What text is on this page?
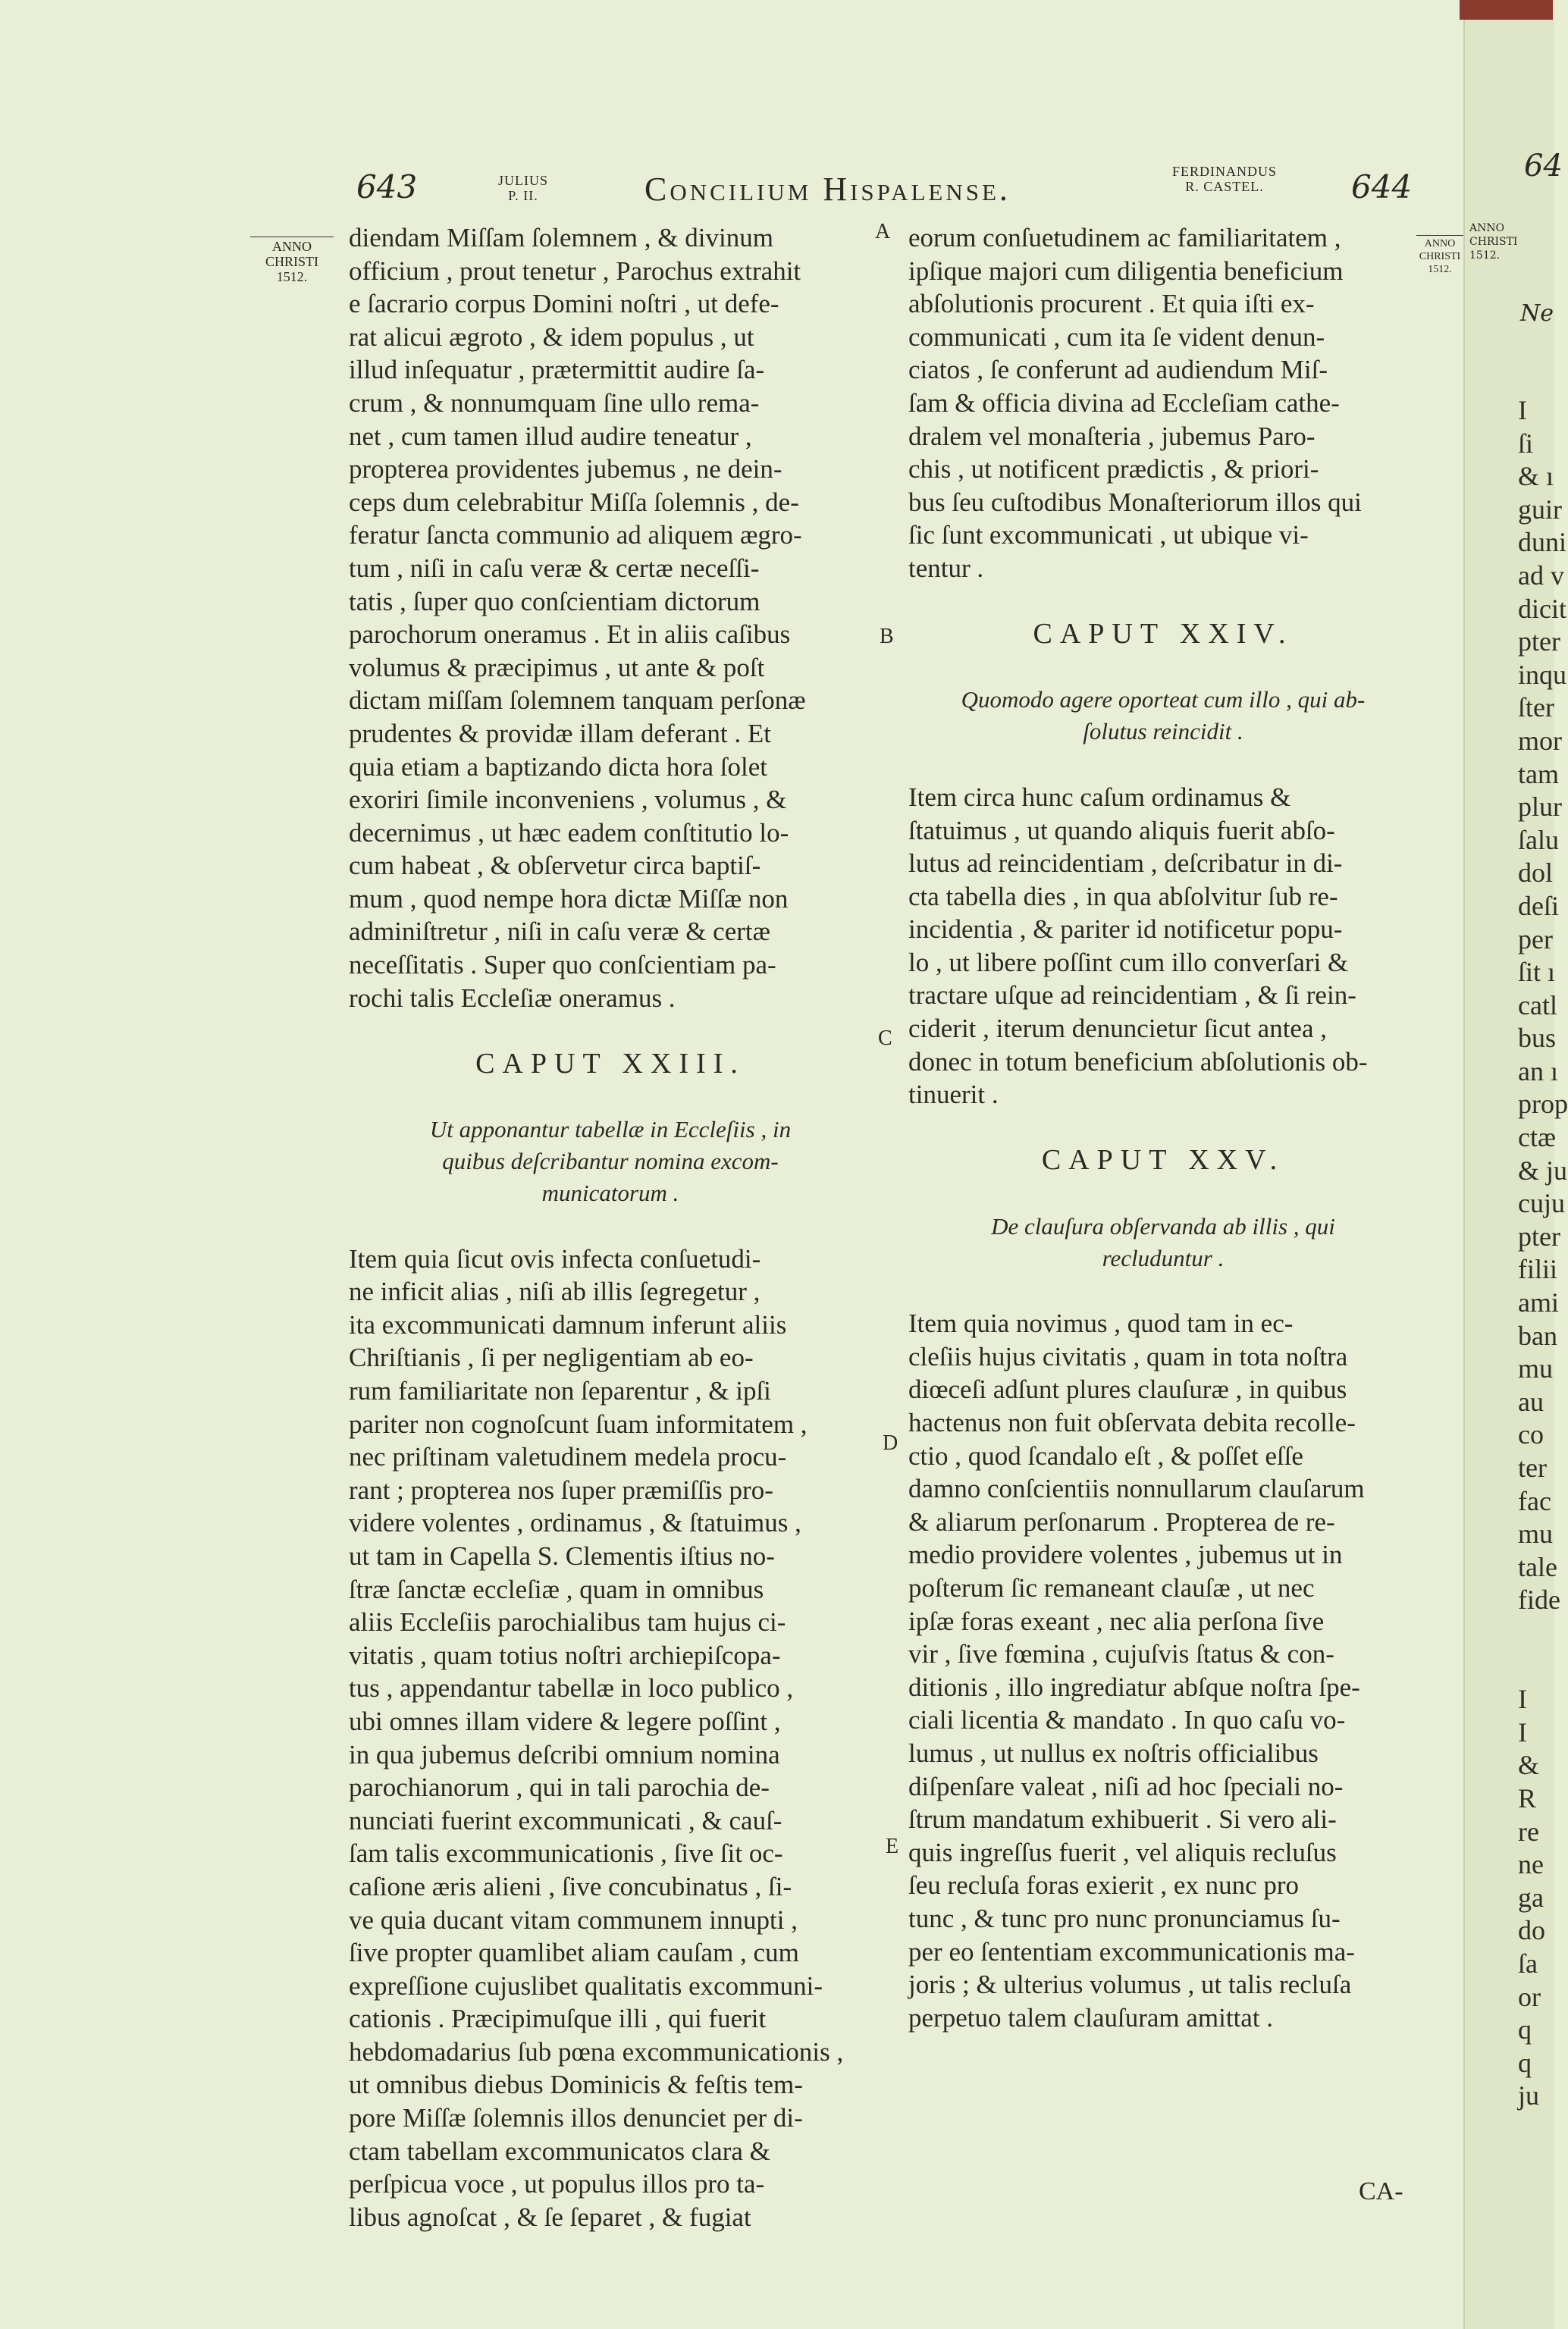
643	JULIUS
P. II.	Concilium Hispalense.	FERDINANDUS
R. CASTEL.	644
ANNO
CHRISTI
1512.
ANNO
CHRISTI
1512.
A
B
C
D
E
diendam Miſſam ſolemnem , & divinum
officium , prout tenetur , Parochus extrahit
e ſacrario corpus Domini noſtri , ut defe-
rat alicui ægroto , & idem populus , ut
illud inſequatur , prætermittit audire ſa-
crum , & nonnumquam ſine ullo rema-
net , cum tamen illud audire teneatur ,
propterea providentes jubemus , ne dein-
ceps dum celebrabitur Miſſa ſolemnis , de-
feratur ſancta communio ad aliquem ægro-
tum , niſi in caſu veræ & certæ neceſſi-
tatis , ſuper quo conſcientiam dictorum
parochorum oneramus . Et in aliis caſibus
volumus & præcipimus , ut ante & poſt
dictam miſſam ſolemnem tanquam perſonæ
prudentes & providæ illam deferant . Et
quia etiam a baptizando dicta hora ſolet
exoriri ſimile inconveniens , volumus , &
decernimus , ut hæc eadem conſtitutio lo-
cum habeat , & obſervetur circa baptiſ-
mum , quod nempe hora dictæ Miſſæ non
adminiſtretur , niſi in caſu veræ & certæ
neceſſitatis . Super quo conſcientiam pa-
rochi talis Eccleſiæ oneramus .
CAPUT XXIII.
Ut apponantur tabellæ in Eccleſiis , in
quibus deſcribantur nomina excom-
municatorum .
Item quia ſicut ovis infecta conſuetudi-
ne inficit alias , niſi ab illis ſegregetur ,
ita excommunicati damnum inferunt aliis
Chriſtianis , ſi per negligentiam ab eo-
rum familiaritate non ſeparentur , & ipſi
pariter non cognoſcunt ſuam informitatem ,
nec priſtinam valetudinem medela procu-
rant ; propterea nos ſuper præmiſſis pro-
videre volentes , ordinamus , & ſtatuimus ,
ut tam in Capella S. Clementis iſtius no-
ſtræ ſanctæ eccleſiæ , quam in omnibus
aliis Eccleſiis parochialibus tam hujus ci-
vitatis , quam totius noſtri archiepiſcopa-
tus , appendantur tabellæ in loco publico ,
ubi omnes illam videre & legere poſſint ,
in qua jubemus deſcribi omnium nomina
parochianorum , qui in tali parochia de-
nunciati fuerint excommunicati , & cauſ-
ſam talis excommunicationis , ſive ſit oc-
caſione æris alieni , ſive concubinatus , ſi-
ve quia ducant vitam communem innupti ,
ſive propter quamlibet aliam cauſam , cum
expreſſione cujuslibet qualitatis excommuni-
cationis . Præcipimuſque illi , qui fuerit
hebdomadarius ſub pœna excommunicationis ,
ut omnibus diebus Dominicis & feſtis tem-
pore Miſſæ ſolemnis illos denunciet per di-
ctam tabellam excommunicatos clara &
perſpicua voce , ut populus illos pro ta-
libus agnoſcat , & ſe ſeparet , & fugiat
eorum conſuetudinem ac familiaritatem ,
ipſique majori cum diligentia beneficium
abſolutionis procurent . Et quia iſti ex-
communicati , cum ita ſe vident denun-
ciatos , ſe conferunt ad audiendum Miſ-
ſam & officia divina ad Eccleſiam cathe-
dralem vel monaſteria , jubemus Paro-
chis , ut notificent prædictis , & priori-
bus ſeu cuſtodibus Monaſteriorum illos qui
ſic ſunt excommunicati , ut ubique vi-
tentur .
CAPUT XXIV.
Quomodo agere oporteat cum illo , qui ab-
ſolutus reincidit .
Item circa hunc caſum ordinamus &
ſtatuimus , ut quando aliquis fuerit abſo-
lutus ad reincidentiam , deſcribatur in di-
cta tabella dies , in qua abſolvitur ſub re-
incidentia , & pariter id notificetur popu-
lo , ut libere poſſint cum illo converſari &
tractare uſque ad reincidentiam , & ſi rein-
ciderit , iterum denuncietur ſicut antea ,
donec in totum beneficium abſolutionis ob-
tinuerit .
CAPUT XXV.
De clauſura obſervanda ab illis , qui
recluduntur .
Item quia novimus , quod tam in ec-
cleſiis hujus civitatis , quam in tota noſtra
diœceſi adſunt plures clauſuræ , in quibus
hactenus non fuit obſervata debita recolle-
ctio , quod ſcandalo eſt , & poſſet eſſe
damno conſcientiis nonnullarum clauſarum
& aliarum perſonarum . Propterea de re-
medio providere volentes , jubemus ut in
poſterum ſic remaneant clauſæ , ut nec
ipſæ foras exeant , nec alia perſona ſive
vir , ſive fœmina , cujuſvis ſtatus & con-
ditionis , illo ingrediatur abſque noſtra ſpe-
ciali licentia & mandato . In quo caſu vo-
lumus , ut nullus ex noſtris officialibus
diſpenſare valeat , niſi ad hoc ſpeciali no-
ſtrum mandatum exhibuerit . Si vero ali-
quis ingreſſus fuerit , vel aliquis recluſus
ſeu recluſa foras exierit , ex nunc pro
tunc , & tunc pro nunc pronunciamus ſu-
per eo ſententiam excommunicationis ma-
joris ; & ulterius volumus , ut talis recluſa
perpetuo talem clauſuram amittat .
CA-
64
ANNO
CHRISTI
1512.
Ne
I
ſi
& ı
guir
duni
ad v
dicit
pter
inqu
ſter
mor
tam
plur
ſalu
dol
deſi
per
ſit ı
catl
bus
an ı
prop
ctæ
& ju
cuju
pter
filii
ami
ban
mu
au
co
ter
fac
mu
tale
fide
I
I
&
R
re
ne
ga
do
ſa
or
q
q
ju
